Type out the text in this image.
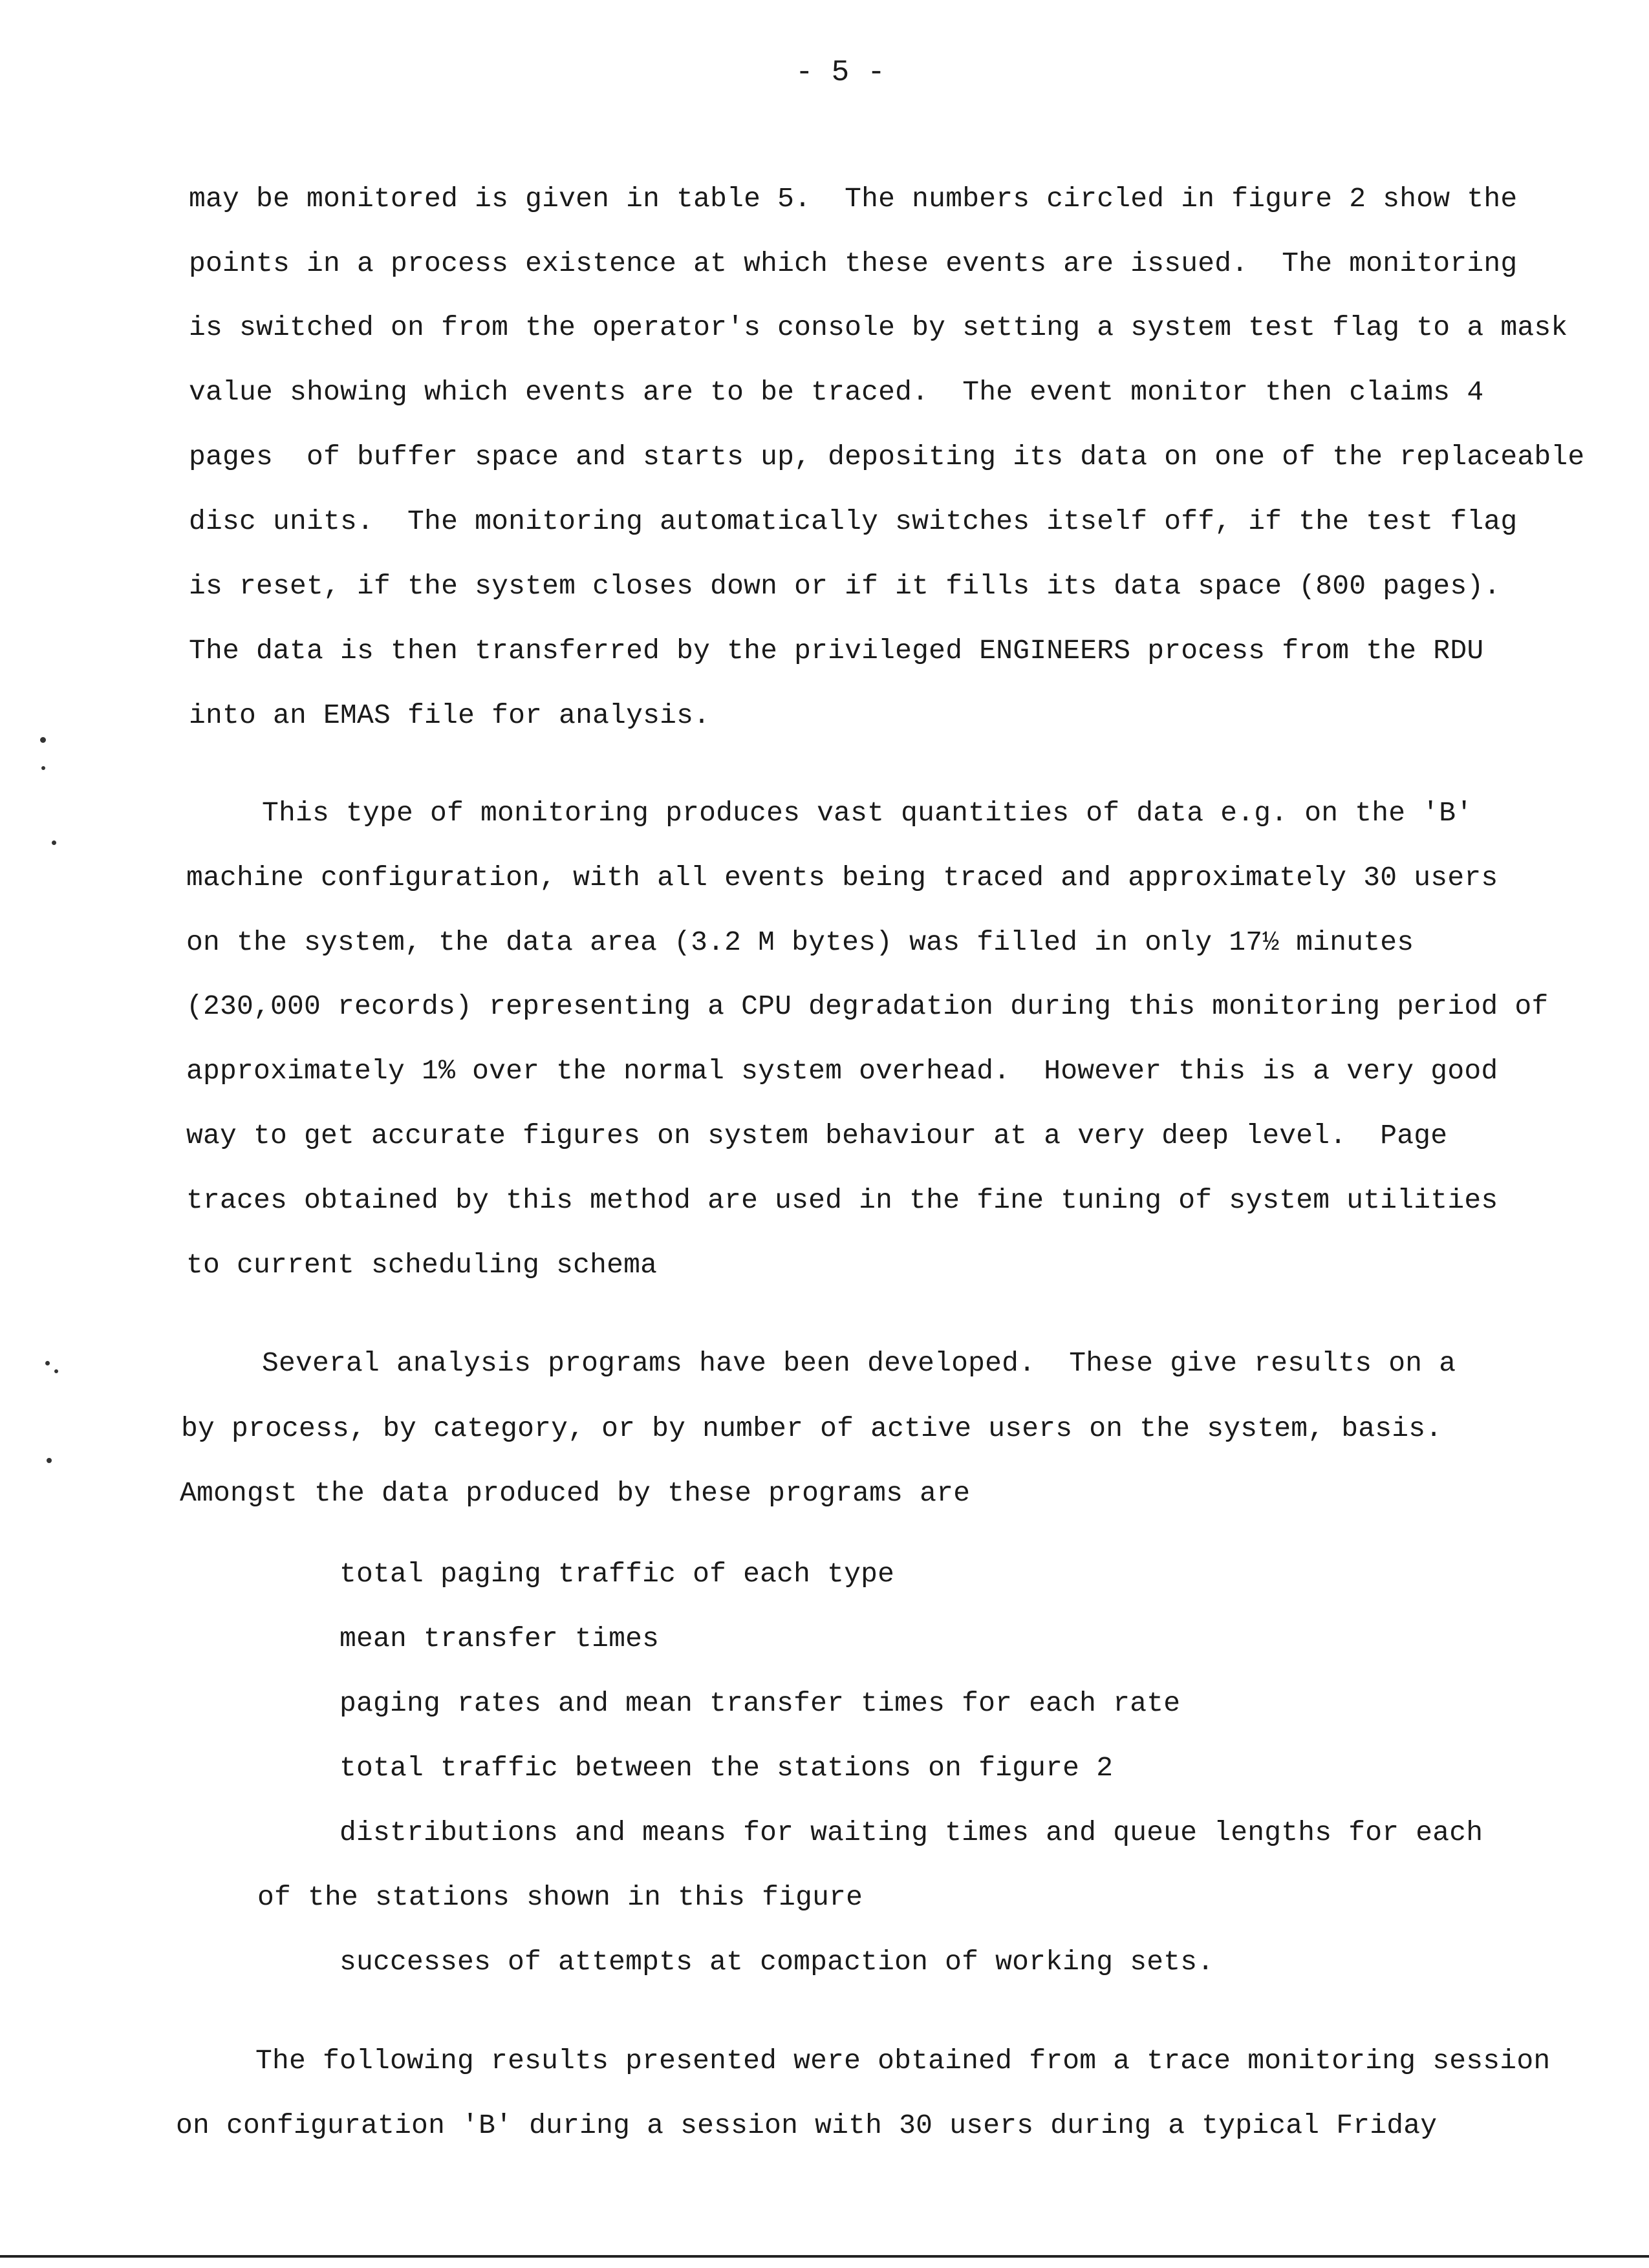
- 5 -
may be monitored is given in table 5.  The numbers circled in figure 2 show the
points in a process existence at which these events are issued.  The monitoring
is switched on from the operator's console by setting a system test flag to a mask
value showing which events are to be traced.  The event monitor then claims 4
pages  of buffer space and starts up, depositing its data on one of the replaceable
disc units.  The monitoring automatically switches itself off, if the test flag
is reset, if the system closes down or if it fills its data space (800 pages).
The data is then transferred by the privileged ENGINEERS process from the RDU
into an EMAS file for analysis.
This type of monitoring produces vast quantities of data e.g. on the 'B'
machine configuration, with all events being traced and approximately 30 users
on the system, the data area (3.2 M bytes) was filled in only 17½ minutes
(230,000 records) representing a CPU degradation during this monitoring period of
approximately 1% over the normal system overhead.  However this is a very good
way to get accurate figures on system behaviour at a very deep level.  Page
traces obtained by this method are used in the fine tuning of system utilities
to current scheduling schema
Several analysis programs have been developed.  These give results on a
by process, by category, or by number of active users on the system, basis.
Amongst the data produced by these programs are
total paging traffic of each type
mean transfer times
paging rates and mean transfer times for each rate
total traffic between the stations on figure 2
distributions and means for waiting times and queue lengths for each
of the stations shown in this figure
successes of attempts at compaction of working sets.
The following results presented were obtained from a trace monitoring session
on configuration 'B' during a session with 30 users during a typical Friday
